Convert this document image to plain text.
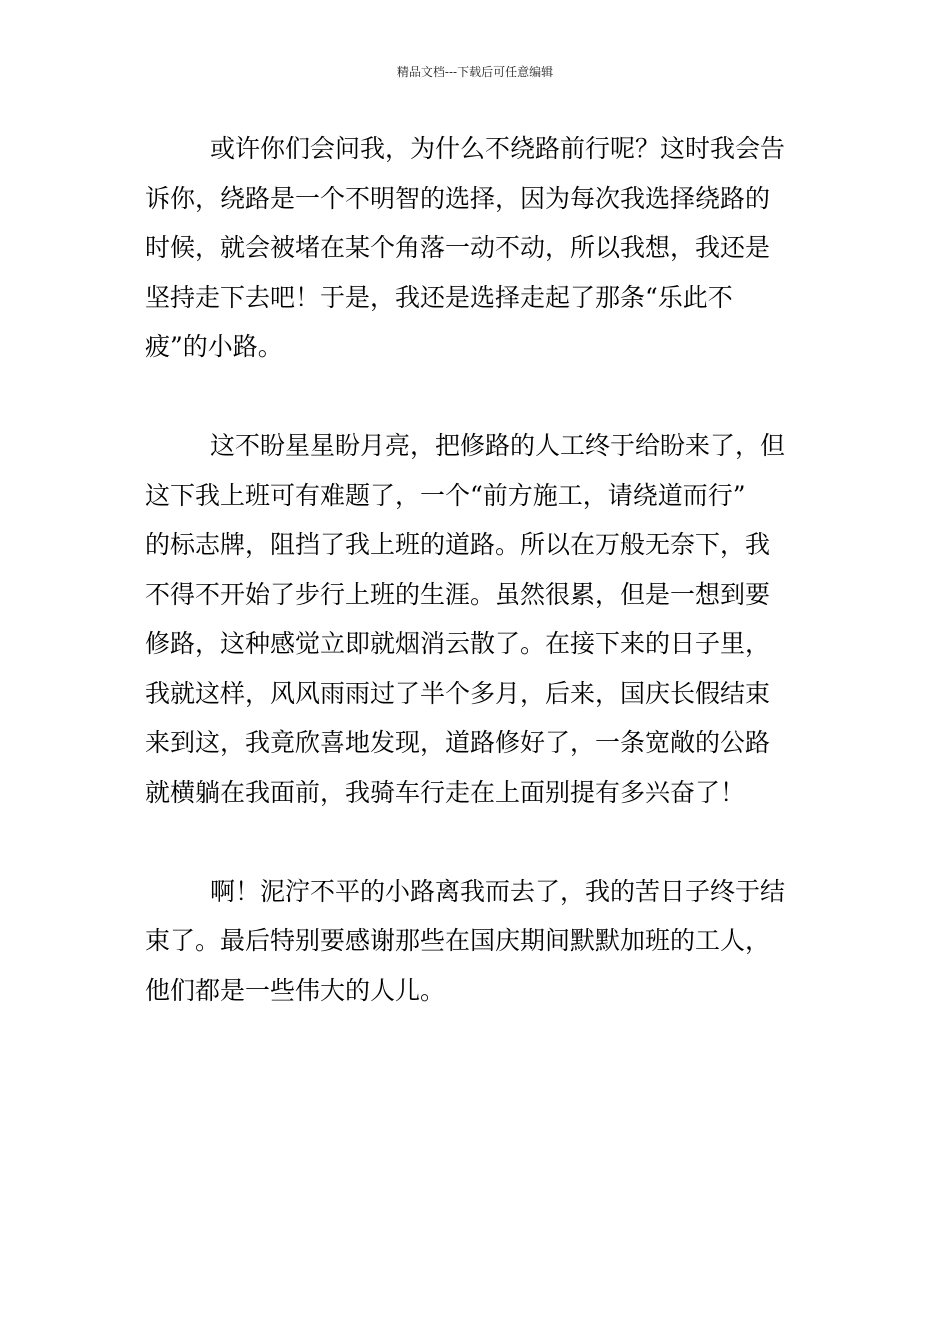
精品文档---下载后可任意编辑

或许你们会问我，为什么不绕路前行呢？这时我会告
诉你，绕路是一个不明智的选择，因为每次我选择绕路的
时候，就会被堵在某个角落一动不动，所以我想，我还是
坚持走下去吧！于是，我还是选择走起了那条“乐此不
疲”的小路。

这不盼星星盼月亮，把修路的人工终于给盼来了，但
这下我上班可有难题了，一个“前方施工，请绕道而行”
的标志牌，阻挡了我上班的道路。所以在万般无奈下，我
不得不开始了步行上班的生涯。虽然很累，但是一想到要
修路，这种感觉立即就烟消云散了。在接下来的日子里，
我就这样，风风雨雨过了半个多月，后来，国庆长假结束
来到这，我竟欣喜地发现，道路修好了，一条宽敞的公路
就横躺在我面前，我骑车行走在上面别提有多兴奋了！

啊！泥泞不平的小路离我而去了，我的苦日子终于结
束了。最后特别要感谢那些在国庆期间默默加班的工人，
他们都是一些伟大的人儿。
